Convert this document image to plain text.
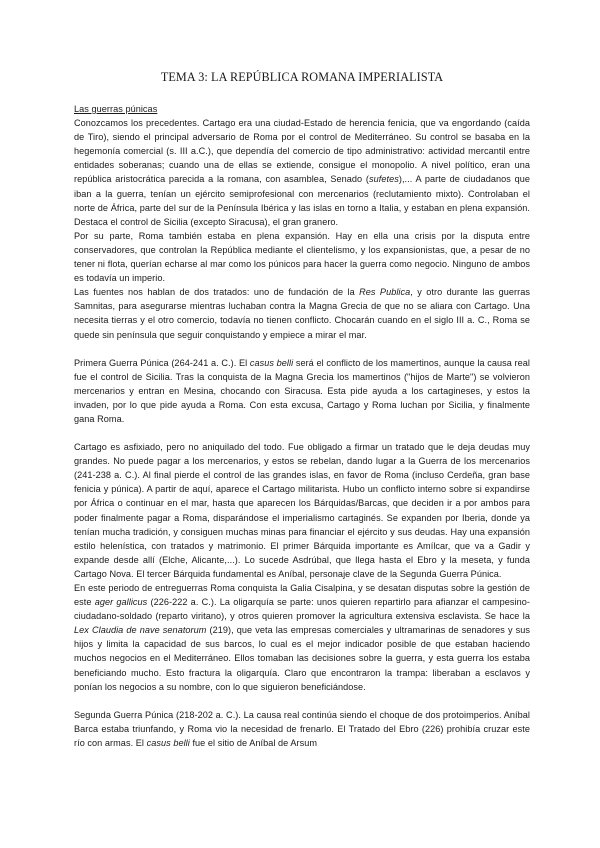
TEMA 3: LA REPÚBLICA ROMANA IMPERIALISTA

Las guerras púnicas

Conozcamos los precedentes. Cartago era una ciudad-Estado de herencia fenicia, que va engordando (caída de Tiro), siendo el principal adversario de Roma por el control de Mediterráneo. Su control se basaba en la hegemonía comercial (s. III a.C.), que dependía del comercio de tipo administrativo: actividad mercantil entre entidades soberanas; cuando una de ellas se extiende, consigue el monopolio. A nivel político, eran una república aristocrática parecida a la romana, con asamblea, Senado (sufetes),... A parte de ciudadanos que iban a la guerra, tenían un ejército semiprofesional con mercenarios (reclutamiento mixto). Controlaban el norte de África, parte del sur de la Península Ibérica y las islas en torno a Italia, y estaban en plena expansión. Destaca el control de Sicilia (excepto Siracusa), el gran granero.

Por su parte, Roma también estaba en plena expansión. Hay en ella una crisis por la disputa entre conservadores, que controlan la República mediante el clientelismo, y los expansionistas, que, a pesar de no tener ni flota, querían echarse al mar como los púnicos para hacer la guerra como negocio. Ninguno de ambos es todavía un imperio.

Las fuentes nos hablan de dos tratados: uno de fundación de la Res Publica, y otro durante las guerras Samnitas, para asegurarse mientras luchaban contra la Magna Grecia de que no se aliara con Cartago. Una necesita tierras y el otro comercio, todavía no tienen conflicto. Chocarán cuando en el siglo III a. C., Roma se quede sin península que seguir conquistando y empiece a mirar el mar.

Primera Guerra Púnica (264-241 a. C.). El casus belli será el conflicto de los mamertinos, aunque la causa real fue el control de Sicilia. Tras la conquista de la Magna Grecia los mamertinos ("hijos de Marte") se volvieron mercenarios y entran en Mesina, chocando con Siracusa. Esta pide ayuda a los cartagineses, y estos la invaden, por lo que pide ayuda a Roma. Con esta excusa, Cartago y Roma luchan por Sicilia, y finalmente gana Roma.

Cartago es asfixiado, pero no aniquilado del todo. Fue obligado a firmar un tratado que le deja deudas muy grandes. No puede pagar a los mercenarios, y estos se rebelan, dando lugar a la Guerra de los mercenarios (241-238 a. C.). Al final pierde el control de las grandes islas, en favor de Roma (incluso Cerdeña, gran base fenicia y púnica). A partir de aquí, aparece el Cartago militarista. Hubo un conflicto interno sobre si expandirse por África o continuar en el mar, hasta que aparecen los Bárquidas/Barcas, que deciden ir a por ambos para poder finalmente pagar a Roma, disparándose el imperialismo cartaginés. Se expanden por Iberia, donde ya tenían mucha tradición, y consiguen muchas minas para financiar el ejército y sus deudas. Hay una expansión estilo helenística, con tratados y matrimonio. El primer Bárquida importante es Amílcar, que va a Gadir y expande desde allí (Elche, Alicante,...). Lo sucede Asdrúbal, que llega hasta el Ebro y la meseta, y funda Cartago Nova. El tercer Bárquida fundamental es Aníbal, personaje clave de la Segunda Guerra Púnica.

En este periodo de entreguerras Roma conquista la Galia Cisalpina, y se desatan disputas sobre la gestión de este ager gallicus (226-222 a. C.). La oligarquía se parte: unos quieren repartirlo para afianzar el campesino-ciudadano-soldado (reparto viritano), y otros quieren promover la agricultura extensiva esclavista. Se hace la Lex Claudia de nave senatorum (219), que veta las empresas comerciales y ultramarinas de senadores y sus hijos y limita la capacidad de sus barcos, lo cual es el mejor indicador posible de que estaban haciendo muchos negocios en el Mediterráneo. Ellos tomaban las decisiones sobre la guerra, y esta guerra los estaba beneficiando mucho. Esto fractura la oligarquía. Claro que encontraron la trampa: liberaban a esclavos y ponían los negocios a su nombre, con lo que siguieron beneficiándose.

Segunda Guerra Púnica (218-202 a. C.). La causa real continúa siendo el choque de dos protoimperios. Aníbal Barca estaba triunfando, y Roma vio la necesidad de frenarlo. El Tratado del Ebro (226) prohibía cruzar este río con armas. El casus belli fue el sitio de Aníbal de Arsum
